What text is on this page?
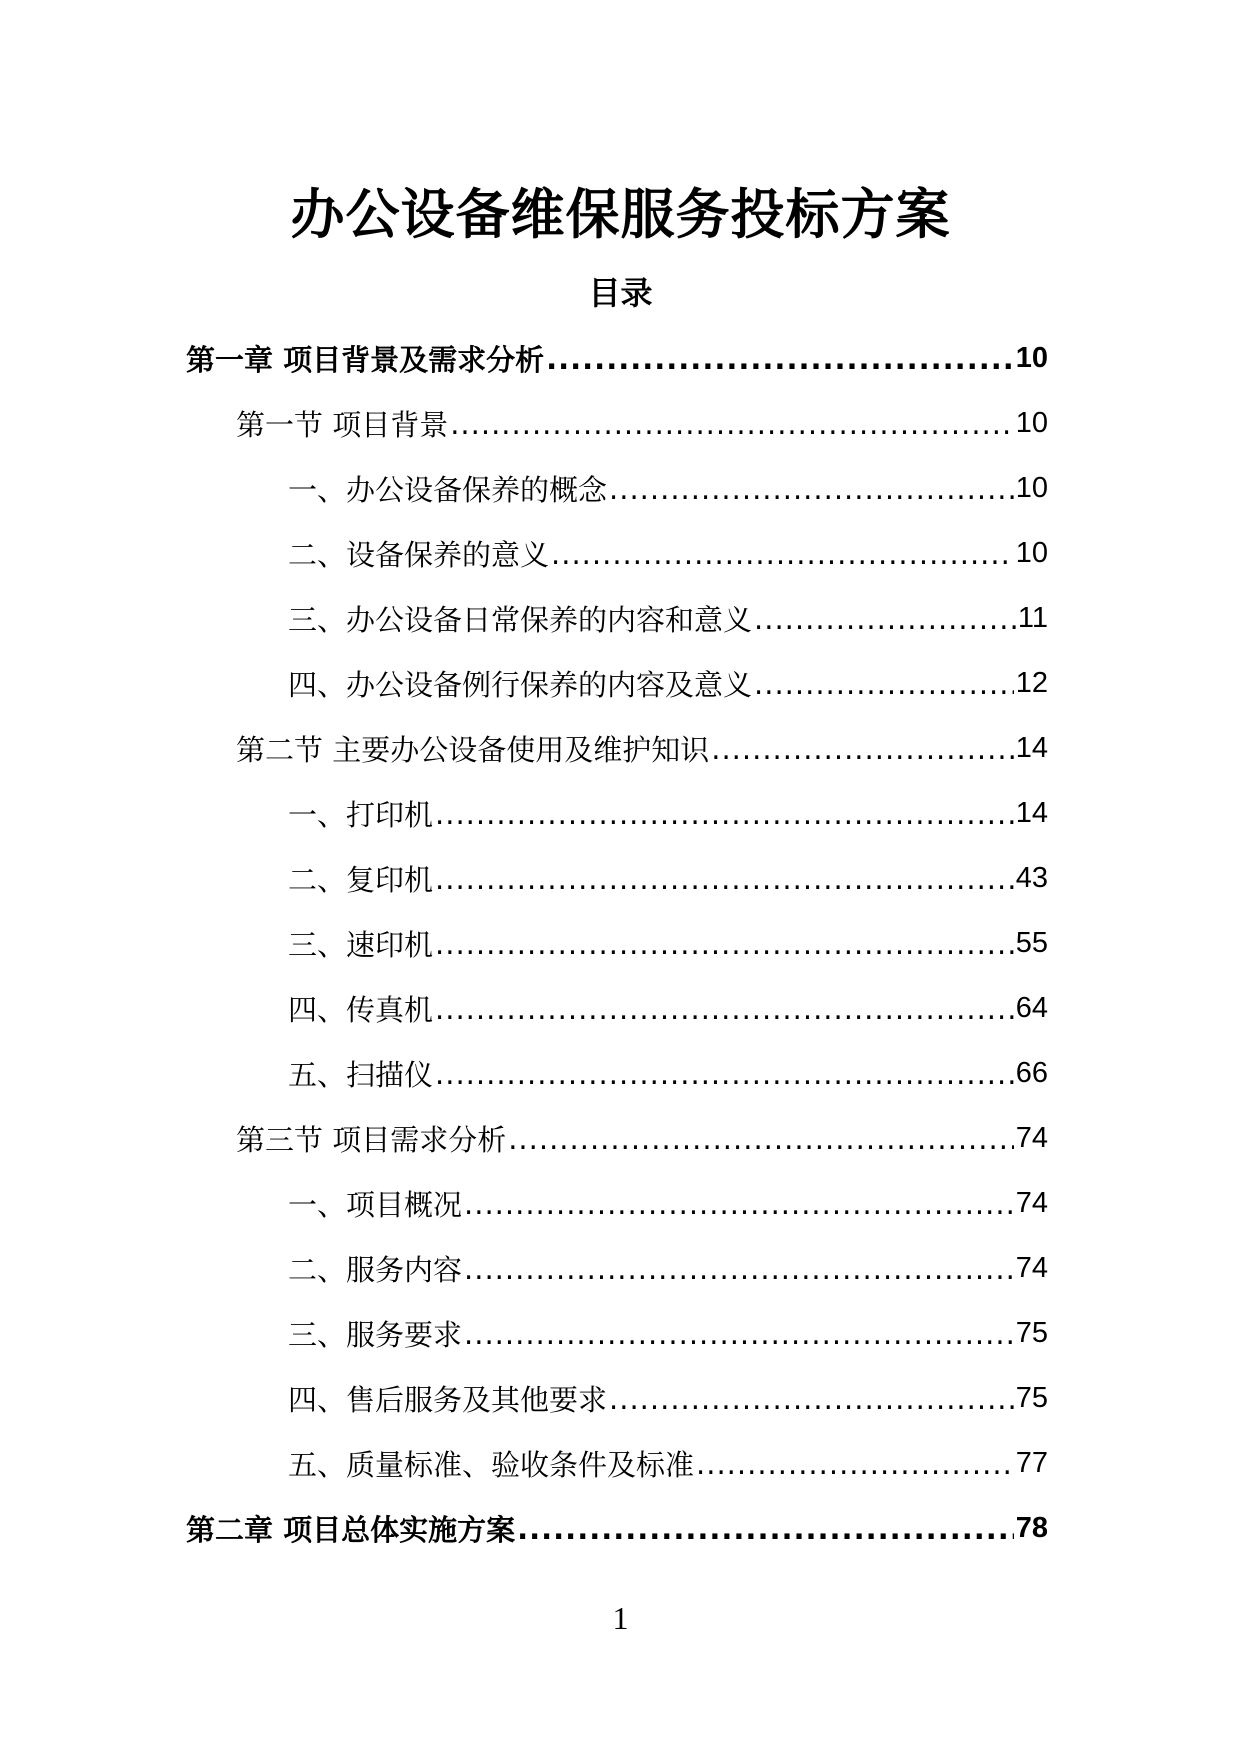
办公设备维保服务投标方案
目录
第一章 项目背景及需求分析 .....	10
第一节 项目背景 .....	10
一、办公设备保养的概念 .....	10
二、设备保养的意义 .....	10
三、办公设备日常保养的内容和意义 .....	11
四、办公设备例行保养的内容及意义 .....	12
第二节 主要办公设备使用及维护知识 .....	14
一、打印机 .....	14
二、复印机 .....	43
三、速印机 .....	55
四、传真机 .....	64
五、扫描仪 .....	66
第三节 项目需求分析 .....	74
一、项目概况 .....	74
二、服务内容 .....	74
三、服务要求 .....	75
四、售后服务及其他要求 .....	75
五、质量标准、验收条件及标准 .....	77
第二章 项目总体实施方案 .....	78
1
